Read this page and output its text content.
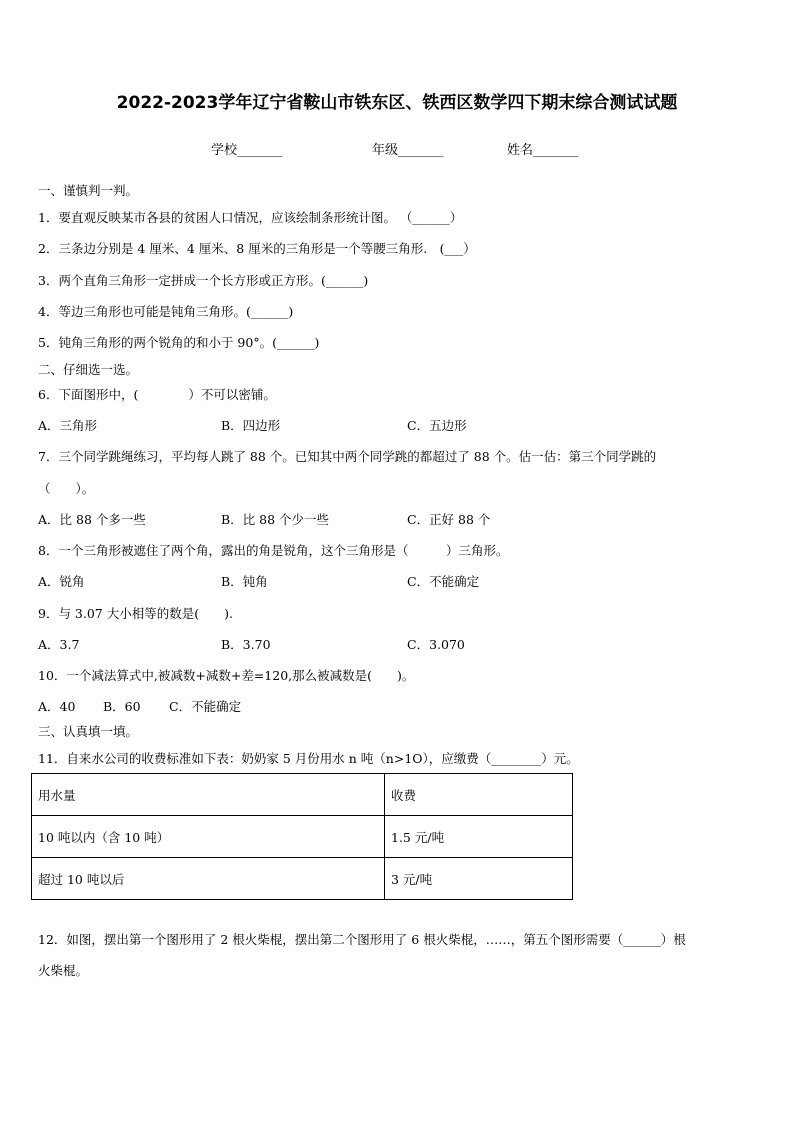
2022-2023学年辽宁省鞍山市铁东区、铁西区数学四下期末综合测试试题
学校_______	年级_______	姓名_______
一、谨慎判一判。
1．要直观反映某市各县的贫困人口情况，应该绘制条形统计图。 （______）
2．三条边分别是 4 厘米、4 厘米、8 厘米的三角形是一个等腰三角形.　(___）
3．两个直角三角形一定拼成一个长方形或正方形。(______)
4．等边三角形也可能是钝角三角形。(______)
5．钝角三角形的两个锐角的和小于 90°。(______)
二、仔细选一选。
6．下面图形中，(　　　　）不可以密铺。
A．三角形	B．四边形	C．五边形
7．三个同学跳绳练习，平均每人跳了 88 个。已知其中两个同学跳的都超过了 88 个。估一估：第三个同学跳的
（　　）。
A．比 88 个多一些	B．比 88 个少一些	C．正好 88 个
8．一个三角形被遮住了两个角，露出的角是锐角，这个三角形是（　　　）三角形。
A．锐角	B．钝角	C．不能确定
9．与 3.07 大小相等的数是(　　).
A．3.7	B．3.70	C．3.070
10．一个减法算式中,被减数+减数+差=120,那么被减数是(　　)。
A．40 B．60 C．不能确定
三、认真填一填。
11．自来水公司的收费标准如下表：奶奶家 5 月份用水 n 吨（n>1O），应缴费（________）元。
用水量	收费
10 吨以内（含 10 吨）	1.5 元/吨
超过 10 吨以后	3 元/吨
12．如图，摆出第一个图形用了 2 根火柴棍，摆出第二个图形用了 6 根火柴棍，……，第五个图形需要（______）根
火柴棍。
